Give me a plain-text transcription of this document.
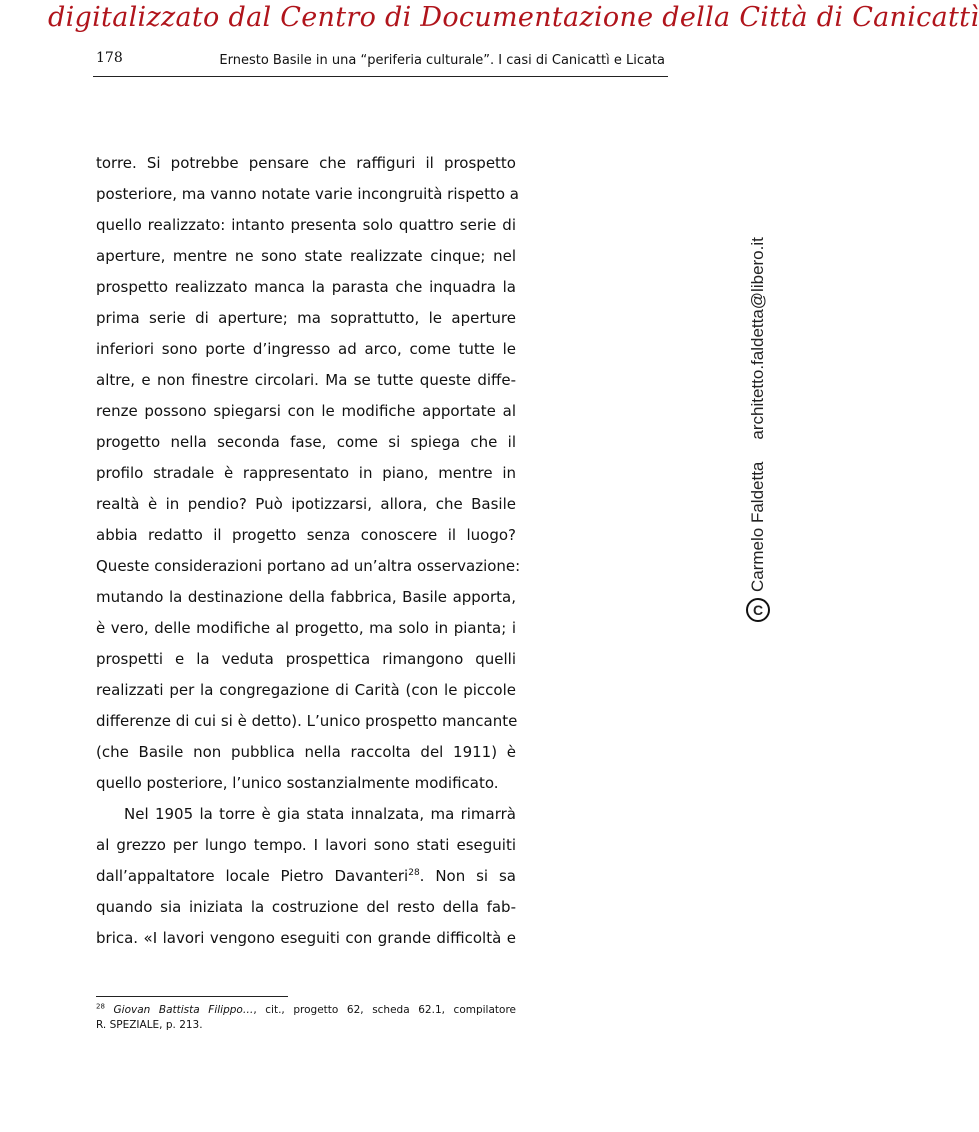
digitalizzato dal Centro di Documentazione della Città di Canicattì
178	Ernesto Basile in una “periferia culturale”. I casi di Canicattì e Licata
torre. Si potrebbe pensare che raffiguri il prospetto
posteriore, ma vanno notate varie incongruità rispetto a
quello realizzato: intanto presenta solo quattro serie di
aperture, mentre ne sono state realizzate cinque; nel
prospetto realizzato manca la parasta che inquadra la
prima serie di aperture; ma soprattutto, le aperture
inferiori sono porte d’ingresso ad arco, come tutte le
altre, e non finestre circolari. Ma se tutte queste diffe-
renze possono spiegarsi con le modifiche apportate al
progetto nella seconda fase, come si spiega che il
profilo stradale è rappresentato in piano, mentre in
realtà è in pendio? Può ipotizzarsi, allora, che Basile
abbia redatto il progetto senza conoscere il luogo?
Queste considerazioni portano ad un’altra osservazione:
mutando la destinazione della fabbrica, Basile apporta,
è vero, delle modifiche al progetto, ma solo in pianta; i
prospetti e la veduta prospettica rimangono quelli
realizzati per la congregazione di Carità (con le piccole
differenze di cui si è detto). L’unico prospetto mancante
(che Basile non pubblica nella raccolta del 1911) è
quello posteriore, l’unico sostanzialmente modificato.
Nel 1905 la torre è gia stata innalzata, ma rimarrà
al grezzo per lungo tempo. I lavori sono stati eseguiti
dall’appaltatore locale Pietro Davanteri$^{28}$. Non si sa
quando sia iniziata la costruzione del resto della fab-
brica. «I lavori vengono eseguiti con grande difficoltà e
$^{28}$ Giovan Battista Filippo…, cit., progetto 62, scheda 62.1, compilatore
R. SPEZIALE, p. 213.
C
Carmelo Faldetta
architetto.faldetta@libero.it
